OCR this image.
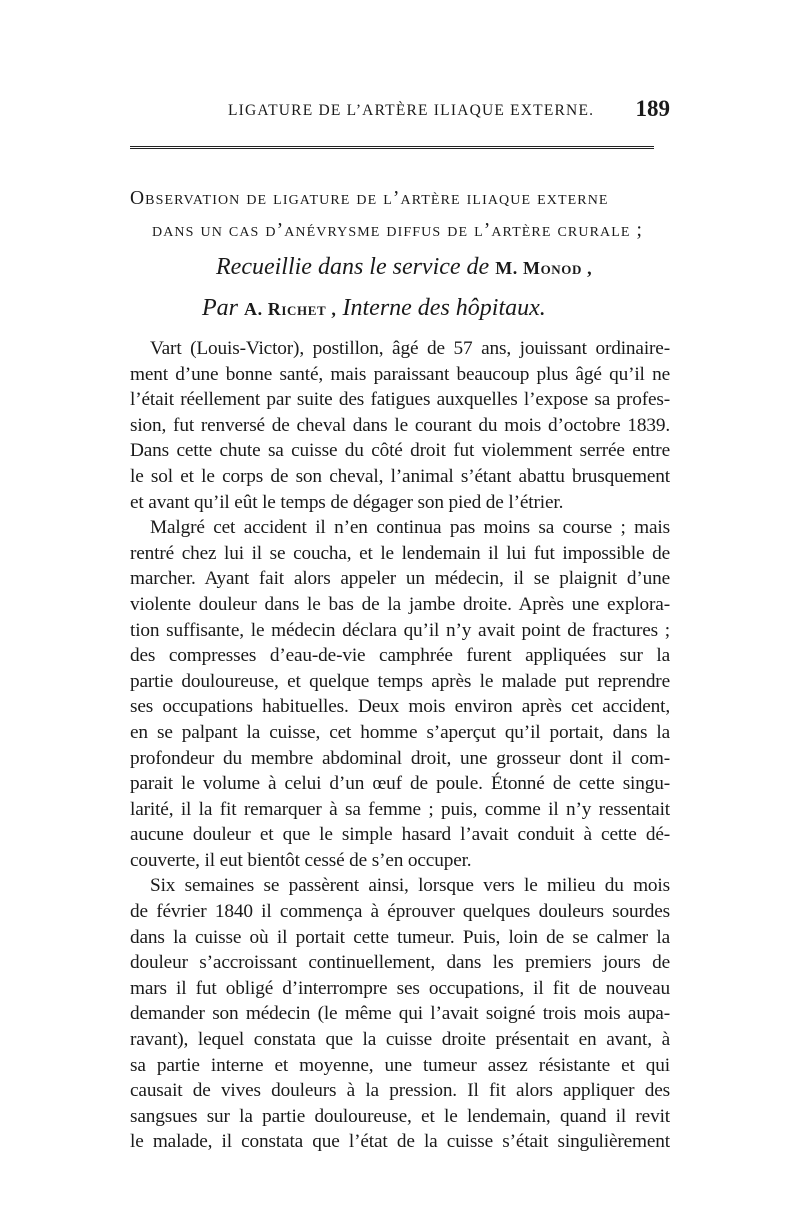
LIGATURE DE L’ARTÈRE ILIAQUE EXTERNE. 189
Observation de ligature de l’artère iliaque externe
dans un cas d’anévrysme diffus de l’artère crurale ;
Recueillie dans le service de M. Monod ,
Par A. Richet , Interne des hôpitaux.
Vart (Louis-Victor), postillon, âgé de 57 ans, jouissant ordinaire-
ment d’une bonne santé, mais paraissant beaucoup plus âgé qu’il ne
l’était réellement par suite des fatigues auxquelles l’expose sa profes-
sion, fut renversé de cheval dans le courant du mois d’octobre 1839.
Dans cette chute sa cuisse du côté droit fut violemment serrée entre
le sol et le corps de son cheval, l’animal s’étant abattu brusquement
et avant qu’il eût le temps de dégager son pied de l’étrier.
Malgré cet accident il n’en continua pas moins sa course ; mais
rentré chez lui il se coucha, et le lendemain il lui fut impossible de
marcher. Ayant fait alors appeler un médecin, il se plaignit d’une
violente douleur dans le bas de la jambe droite. Après une explora-
tion suffisante, le médecin déclara qu’il n’y avait point de fractures ;
des compresses d’eau-de-vie camphrée furent appliquées sur la
partie douloureuse, et quelque temps après le malade put reprendre
ses occupations habituelles. Deux mois environ après cet accident,
en se palpant la cuisse, cet homme s’aperçut qu’il portait, dans la
profondeur du membre abdominal droit, une grosseur dont il com-
parait le volume à celui d’un œuf de poule. Étonné de cette singu-
larité, il la fit remarquer à sa femme ; puis, comme il n’y ressentait
aucune douleur et que le simple hasard l’avait conduit à cette dé-
couverte, il eut bientôt cessé de s’en occuper.
Six semaines se passèrent ainsi, lorsque vers le milieu du mois
de février 1840 il commença à éprouver quelques douleurs sourdes
dans la cuisse où il portait cette tumeur. Puis, loin de se calmer la
douleur s’accroissant continuellement, dans les premiers jours de
mars il fut obligé d’interrompre ses occupations, il fit de nouveau
demander son médecin (le même qui l’avait soigné trois mois aupa-
ravant), lequel constata que la cuisse droite présentait en avant, à
sa partie interne et moyenne, une tumeur assez résistante et qui
causait de vives douleurs à la pression. Il fit alors appliquer des
sangsues sur la partie douloureuse, et le lendemain, quand il revit
le malade, il constata que l’état de la cuisse s’était singulièrement
